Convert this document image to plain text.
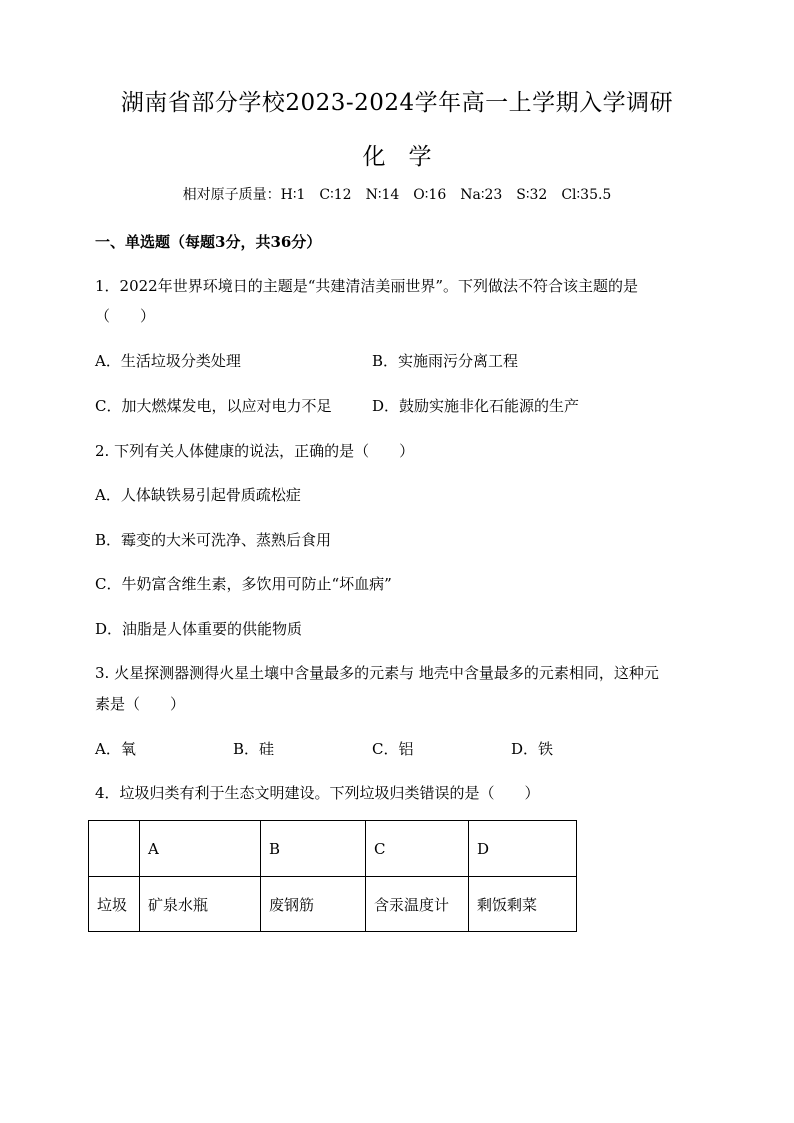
湖南省部分学校2023-2024学年高一上学期入学调研
化　学
相对原子质量：H∶1　C∶12　N∶14　O∶16　Na∶23　S∶32　Cl∶35.5
一、单选题（每题3分，共36分）
1．2022年世界环境日的主题是“共建清洁美丽世界”。下列做法不符合该主题的是
（　　）
A．生活垃圾分类处理	B．实施雨污分离工程
C．加大燃煤发电，以应对电力不足	D．鼓励实施非化石能源的生产
2. 下列有关人体健康的说法，正确的是（　　）
A．人体缺铁易引起骨质疏松症
B．霉变的大米可洗净、蒸熟后食用
C．牛奶富含维生素，多饮用可防止“坏血病”
D．油脂是人体重要的供能物质
3. 火星探测器测得火星土壤中含量最多的元素与 地壳中含量最多的元素相同，这种元
素是（　　）
A．氧	B．硅	C．铝	D．铁
4．垃圾归类有利于生态文明建设。下列垃圾归类错误的是（　　）
	A	B	C	D
垃圾	矿泉水瓶	废钢筋	含汞温度计	剩饭剩菜
